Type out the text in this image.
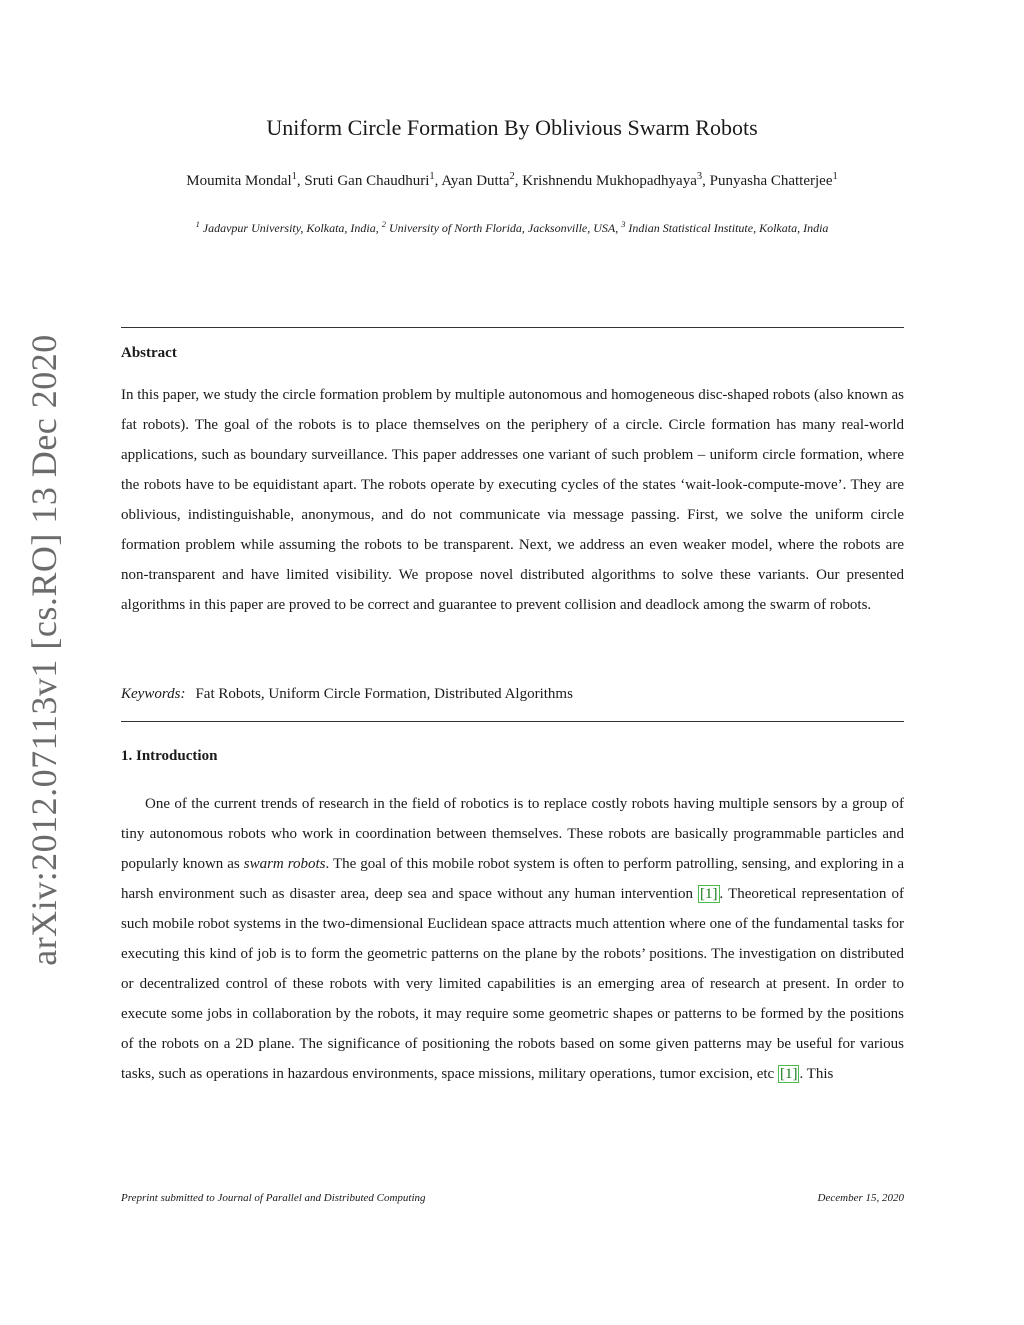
arXiv:2012.07113v1 [cs.RO] 13 Dec 2020
Uniform Circle Formation By Oblivious Swarm Robots
Moumita Mondal$^1$, Sruti Gan Chaudhuri$^1$, Ayan Dutta$^2$, Krishnendu Mukhopadhyaya$^3$, Punyasha Chatterjee$^1$
$^1$ Jadavpur University, Kolkata, India, $^2$ University of North Florida, Jacksonville, USA, $^3$ Indian Statistical Institute, Kolkata, India
Abstract
In this paper, we study the circle formation problem by multiple autonomous and homogeneous disc-shaped robots (also known as fat robots). The goal of the robots is to place themselves on the periphery of a circle. Circle formation has many real-world applications, such as boundary surveillance. This paper addresses one variant of such problem – uniform circle formation, where the robots have to be equidistant apart. The robots operate by executing cycles of the states ‘wait-look-compute-move’. They are oblivious, indistinguishable, anonymous, and do not communicate via message passing. First, we solve the uniform circle formation problem while assuming the robots to be transparent. Next, we address an even weaker model, where the robots are non-transparent and have limited visibility. We propose novel distributed algorithms to solve these variants. Our presented algorithms in this paper are proved to be correct and guarantee to prevent collision and deadlock among the swarm of robots.
Keywords: Fat Robots, Uniform Circle Formation, Distributed Algorithms
1. Introduction
One of the current trends of research in the field of robotics is to replace costly robots having multiple sensors by a group of tiny autonomous robots who work in coordination between themselves. These robots are basically programmable particles and popularly known as swarm robots. The goal of this mobile robot system is often to perform patrolling, sensing, and exploring in a harsh environment such as disaster area, deep sea and space without any human intervention [1] . Theoretical representation of such mobile robot systems in the two-dimensional Euclidean space attracts much attention where one of the fundamental tasks for executing this kind of job is to form the geometric patterns on the plane by the robots’ positions. The investigation on distributed or decentralized control of these robots with very limited capabilities is an emerging area of research at present. In order to execute some jobs in collaboration by the robots, it may require some geometric shapes or patterns to be formed by the positions of the robots on a 2D plane. The significance of positioning the robots based on some given patterns may be useful for various tasks, such as operations in hazardous environments, space missions, military operations, tumor excision, etc [1] . This
Preprint submitted to Journal of Parallel and Distributed Computing	December 15, 2020
